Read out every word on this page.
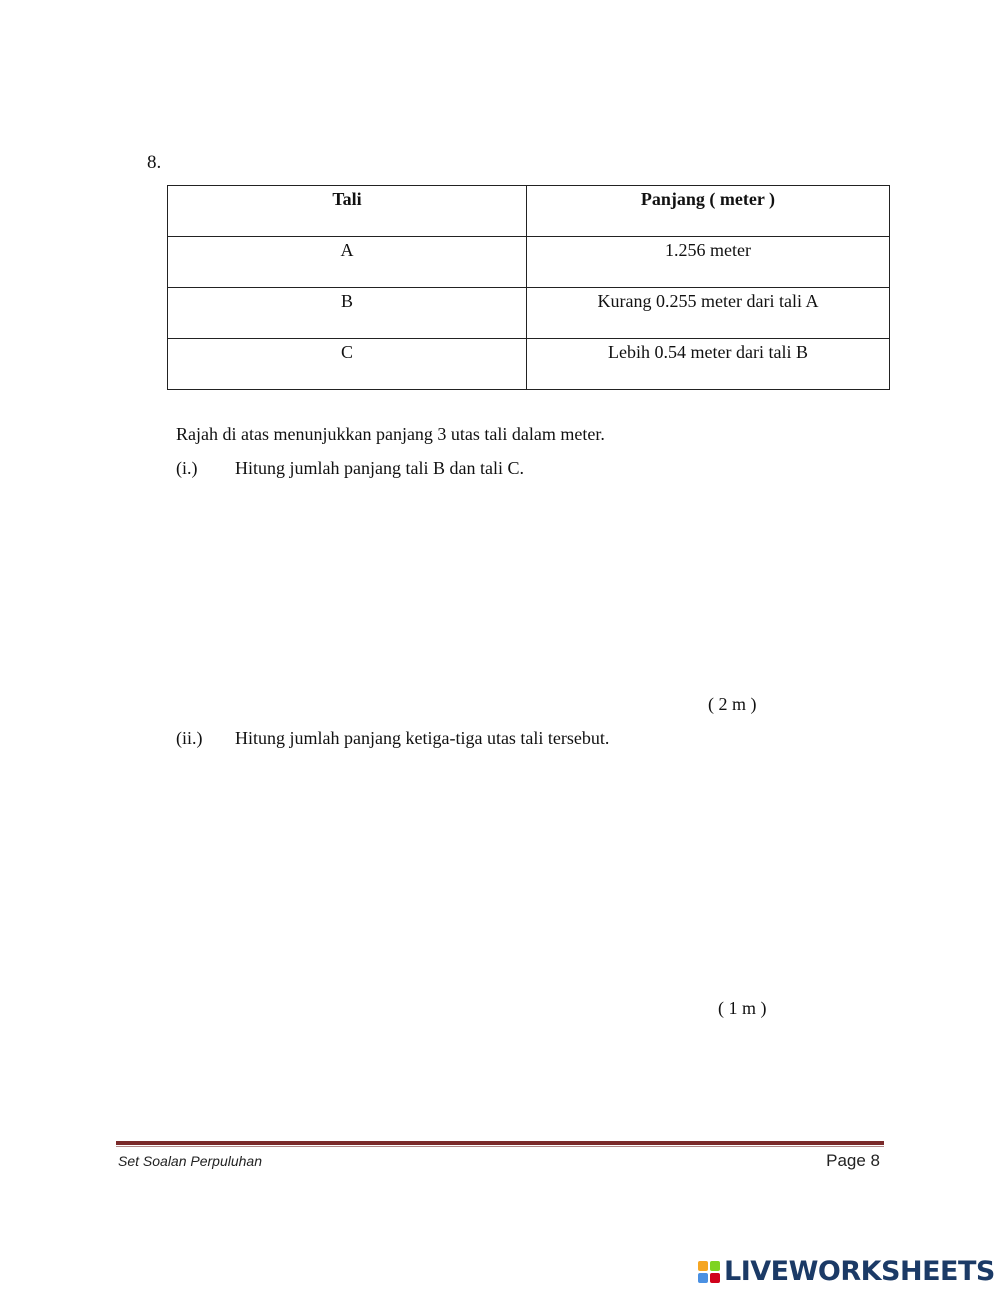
8.
Tali	Panjang ( meter )

A	1.256 meter

B	Kurang 0.255 meter dari tali A

C	Lebih 0.54 meter dari tali B
Rajah di atas menunjukkan panjang 3 utas tali dalam meter.
(i.) Hitung jumlah panjang tali B dan tali C.
( 2 m )
(ii.) Hitung jumlah panjang ketiga-tiga utas tali tersebut.
( 1 m )
Set Soalan Perpuluhan	Page 8
LIVEWORKSHEETS
